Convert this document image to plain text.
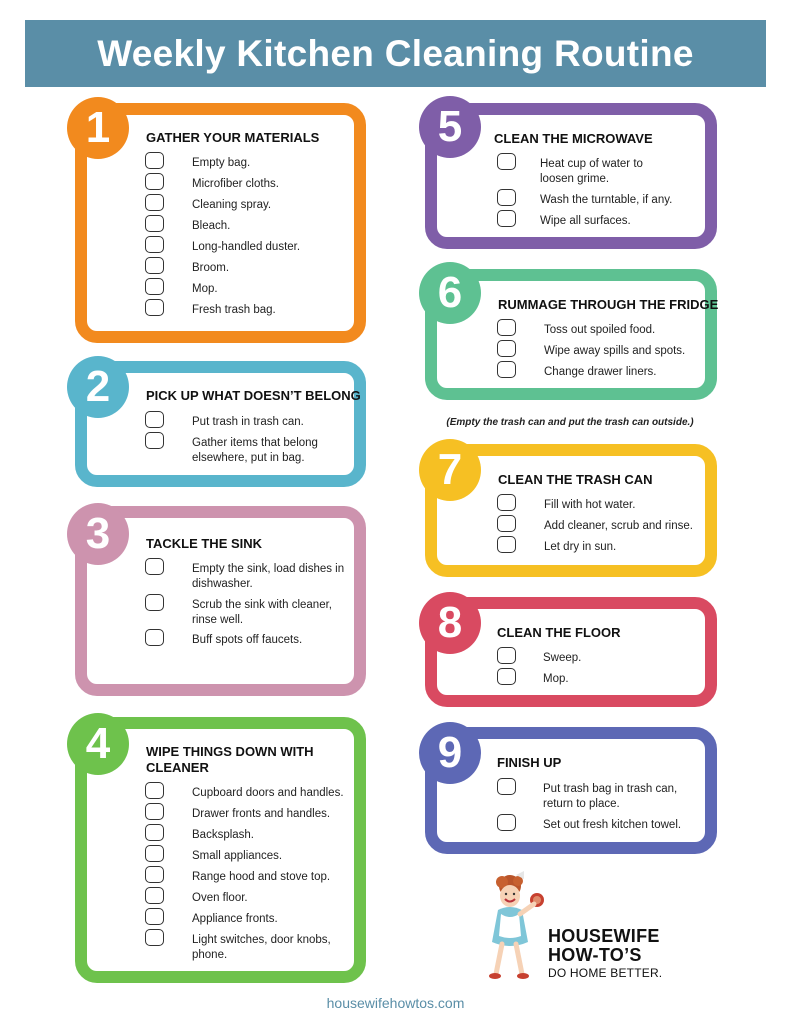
Weekly Kitchen Cleaning Routine
1	GATHER YOUR MATERIALS
Empty bag.
Microfiber cloths.
Cleaning spray.
Bleach.
Long-handled duster.
Broom.
Mop.
Fresh trash bag.
2	PICK UP WHAT DOESN’T BELONG
Put trash in trash can.
Gather items that belong
elsewhere, put in bag.
3	TACKLE THE SINK
Empty the sink, load dishes in
dishwasher.
Scrub the sink with cleaner,
rinse well.
Buff spots off faucets.
4	WIPE THINGS DOWN WITH
CLEANER
Cupboard doors and handles.
Drawer fronts and handles.
Backsplash.
Small appliances.
Range hood and stove top.
Oven floor.
Appliance fronts.
Light switches, door knobs,
phone.
5	CLEAN THE MICROWAVE
Heat cup of water to
loosen grime.
Wash the turntable, if any.
Wipe all surfaces.
6	RUMMAGE THROUGH THE FRIDGE
Toss out spoiled food.
Wipe away spills and spots.
Change drawer liners.
(Empty the trash can and put the trash can outside.)
7	CLEAN THE TRASH CAN
Fill with hot water.
Add cleaner, scrub and rinse.
Let dry in sun.
8	CLEAN THE FLOOR
Sweep.
Mop.
9	FINISH UP
Put trash bag in trash can,
return to place.
Set out fresh kitchen towel.
HOUSEWIFE
HOW-TO’S
DO HOME BETTER.
housewifehowtos.com
